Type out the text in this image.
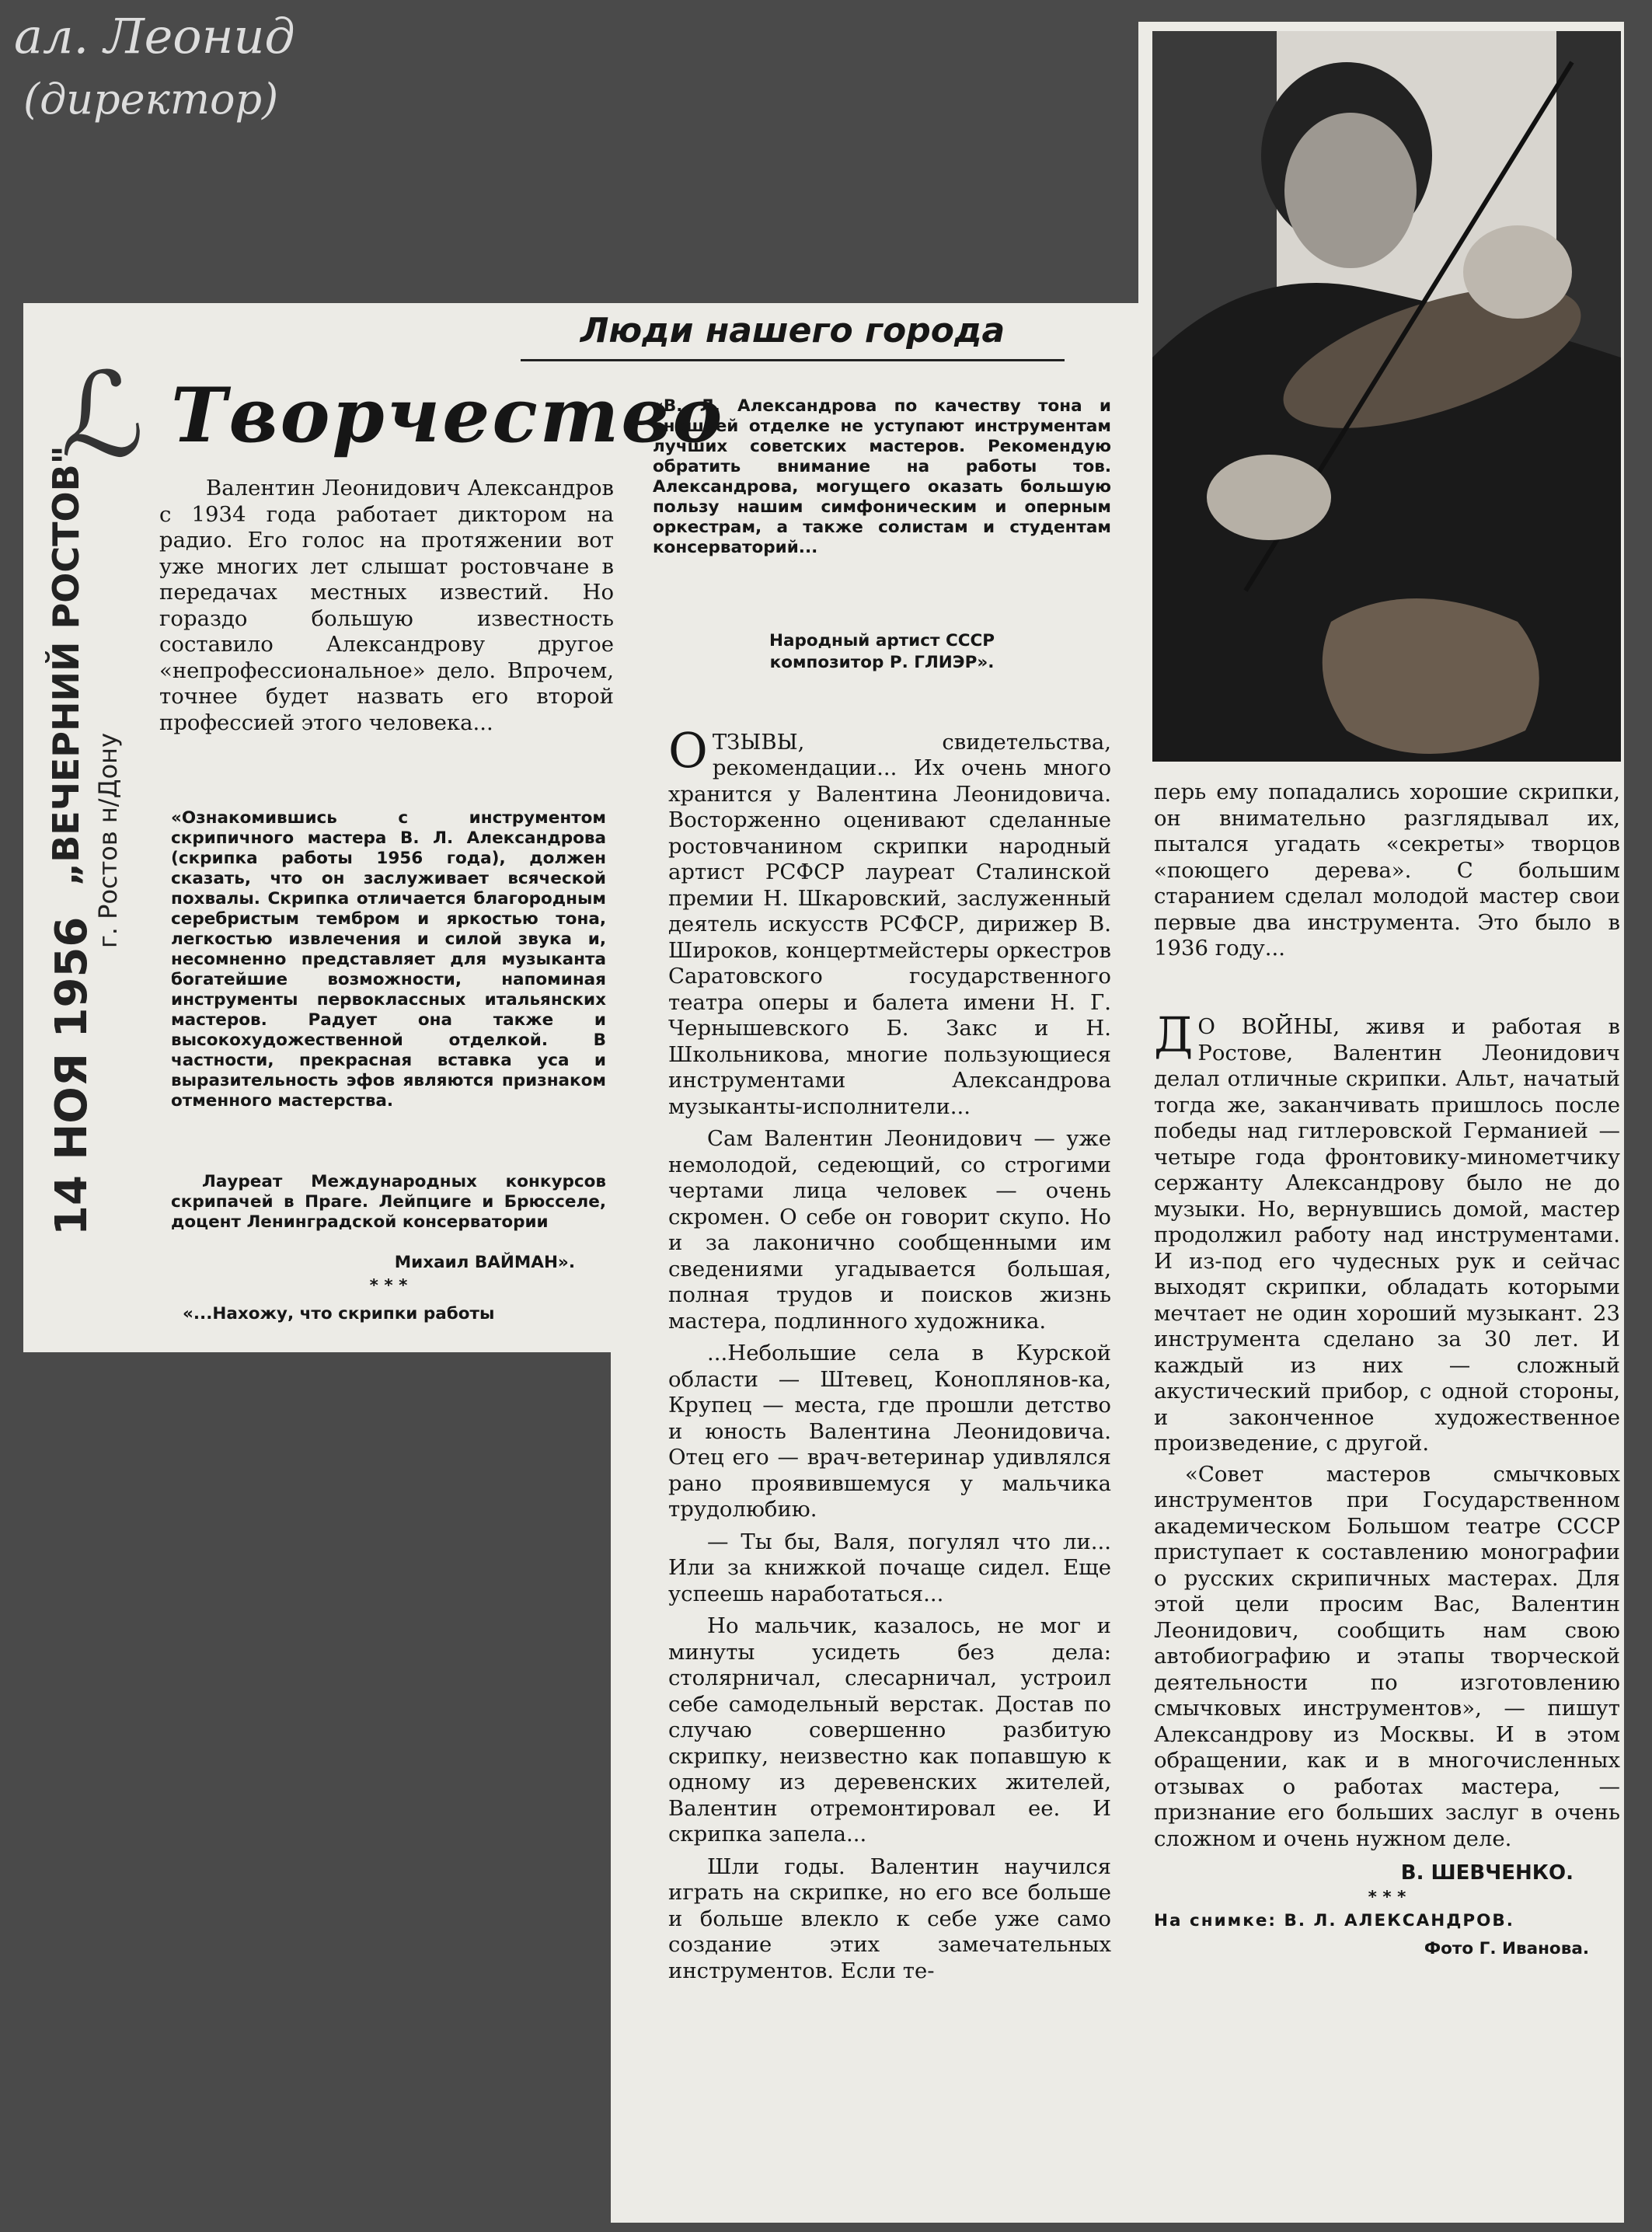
ал. Леонид
(директор)
„ВЕЧЕРНИЙ РОСТОВ" г. Ростов н/Дону
14 НОЯ 1956
ℒ
Люди нашего города
Творчество
«В. Л. Александрова по качеству тона и внешней отделке не уступают инструментам лучших советских мастеров. Рекомендую обратить внимание на работы тов. Александрова, могущего оказать большую пользу нашим симфоническим и оперным оркестрам, а также солистам и студентам консерваторий...
Народный артист СССР
композитор Р. ГЛИЭР».
Валентин Леонидович Александров с 1934 года работает диктором на радио. Его голос на протяжении вот уже многих лет слышат ростовчане в передачах местных известий. Но гораздо большую известность составило Александрову другое «непрофессиональное» дело. Впрочем, точнее будет назвать его второй профессией этого человека...
«Ознакомившись с инструментом скрипичного мастера В. Л. Александрова (скрипка работы 1956 года), должен сказать, что он заслуживает всяческой похвалы. Скрипка отличается благородным серебристым тембром и яркостью тона, легкостью извлечения и силой звука и, несомненно представляет для музыканта богатейшие возможности, напоминая инструменты первоклассных итальянских мастеров. Радует она также и высокохудожественной отделкой. В частности, прекрасная вставка уса и выразительность эфов являются признаком отменного мастерства.
Лауреат Международных конкурсов скрипачей в Праге. Лейпциге и Брюсселе, доцент Ленинградской консерватории
Михаил ВАЙМАН».
* * *
«...Нахожу, что скрипки работы

ОТЗЫВЫ, свидетельства, рекомендации... Их очень много хранится у Валентина Леонидовича. Восторженно оценивают сделанные ростовчанином скрипки народный артист РСФСР лауреат Сталинской премии Н. Шкаровский, заслуженный деятель искусств РСФСР, дирижер В. Широков, концертмейстеры оркестров Саратовского государственного театра оперы и балета имени Н. Г. Чернышевского Б. Закс и Н. Школьникова, многие пользующиеся инструментами Александрова музыканты-исполнители...

Сам Валентин Леонидович — уже немолодой, седеющий, со строгими чертами лица человек — очень скромен. О себе он говорит скупо. Но и за лаконично сообщенными им сведениями угадывается большая, полная трудов и поисков жизнь мастера, подлинного художника.
...Небольшие села в Курской области — Штевец, Коноплянов-ка, Крупец — места, где прошли детство и юность Валентина Леонидовича. Отец его — врач-ветеринар удивлялся рано проявившемуся у мальчика трудолюбию.
— Ты бы, Валя, погулял что ли... Или за книжкой почаще сидел. Еще успеешь наработаться...
Но мальчик, казалось, не мог и минуты усидеть без дела: столярничал, слесарничал, устроил себе самодельный верстак. Достав по случаю совершенно разбитую скрипку, неизвестно как попавшую к одному из деревенских жителей, Валентин отремонтировал ее. И скрипка запела...
Шли годы. Валентин научился играть на скрипке, но его все больше и больше влекло к себе уже само создание этих замечательных инструментов. Если те-
перь ему попадались хорошие скрипки, он внимательно разглядывал их, пытался угадать «секреты» творцов «поющего дерева». С большим старанием сделал молодой мастер свои первые два инструмента. Это было в 1936 году...

Д О ВОЙНЫ, живя и работая в Ростове, Валентин Леонидович делал отличные скрипки. Альт, начатый тогда же, заканчивать пришлось после победы над гитлеровской Германией — четыре года фронтовику-минометчику сержанту Александрову было не до музыки. Но, вернувшись домой, мастер продолжил работу над инструментами. И из-под его чудесных рук и сейчас выходят скрипки, обладать которыми мечтает не один хороший музыкант. 23 инструмента сделано за 30 лет. И каждый из них — сложный акустический прибор, с одной стороны, и законченное художественное произведение, с другой.

«Совет мастеров смычковых инструментов при Государственном академическом Большом театре СССР приступает к составлению монографии о русских скрипичных мастерах. Для этой цели просим Вас, Валентин Леонидович, сообщить нам свою автобиографию и этапы творческой деятельности по изготовлению смычковых инструментов», — пишут Александрову из Москвы. И в этом обращении, как и в многочисленных отзывах о работах мастера, — признание его больших заслуг в очень сложном и очень нужном деле.
В. ШЕВЧЕНКО.
* * *
На снимке: В. Л. АЛЕКСАНДРОВ.
Фото Г. Иванова.
